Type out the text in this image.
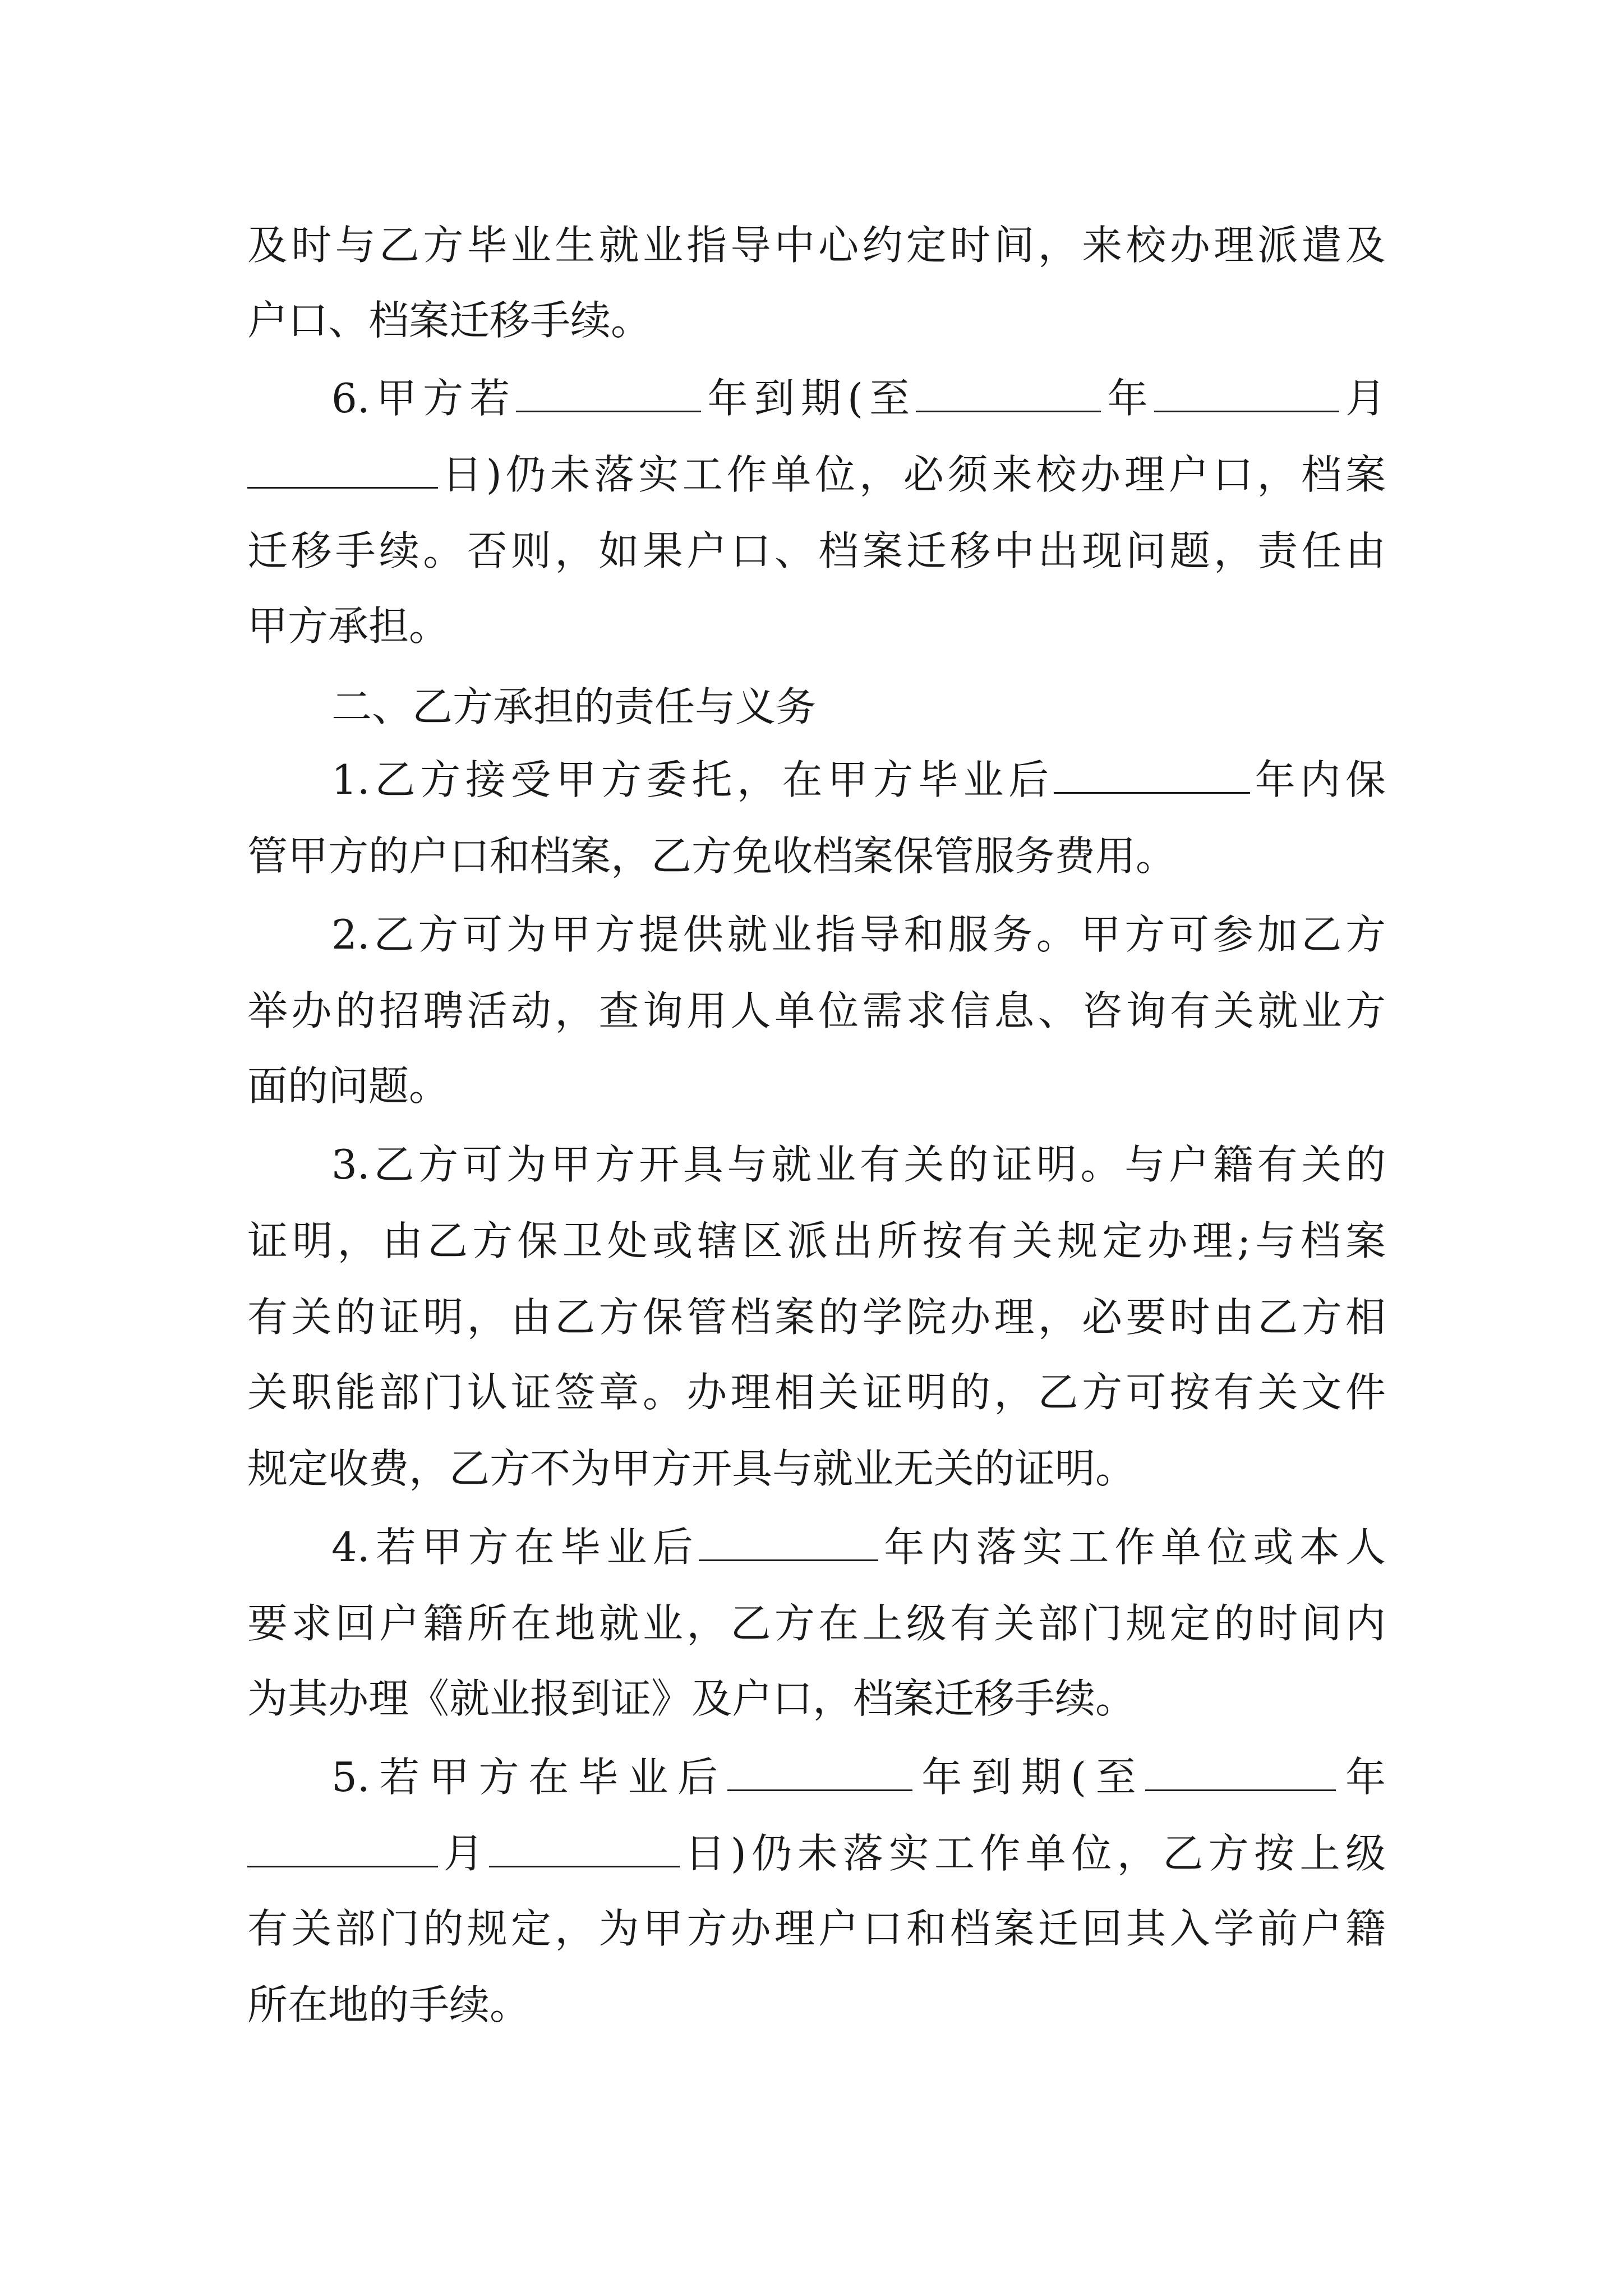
及时与乙方毕业生就业指导中心约定时间，来校办理派遣及
户口、档案迁移手续。
6.甲方若	年到期(至	年	月
日)仍未落实工作单位，必须来校办理户口，档案
迁移手续。否则，如果户口、档案迁移中出现问题，责任由
甲方承担。
二、乙方承担的责任与义务
1.乙方接受甲方委托，在甲方毕业后	年内保
管甲方的户口和档案，乙方免收档案保管服务费用。
2.乙方可为甲方提供就业指导和服务。甲方可参加乙方
举办的招聘活动，查询用人单位需求信息、咨询有关就业方
面的问题。
3.乙方可为甲方开具与就业有关的证明。与户籍有关的
证明，由乙方保卫处或辖区派出所按有关规定办理;与档案
有关的证明，由乙方保管档案的学院办理，必要时由乙方相
关职能部门认证签章。办理相关证明的，乙方可按有关文件
规定收费，乙方不为甲方开具与就业无关的证明。
4.若甲方在毕业后	年内落实工作单位或本人
要求回户籍所在地就业，乙方在上级有关部门规定的时间内
为其办理《就业报到证》及户口，档案迁移手续。
5.若甲方在毕业后	年到期(至	年
月	日)仍未落实工作单位，乙方按上级
有关部门的规定，为甲方办理户口和档案迁回其入学前户籍
所在地的手续。
